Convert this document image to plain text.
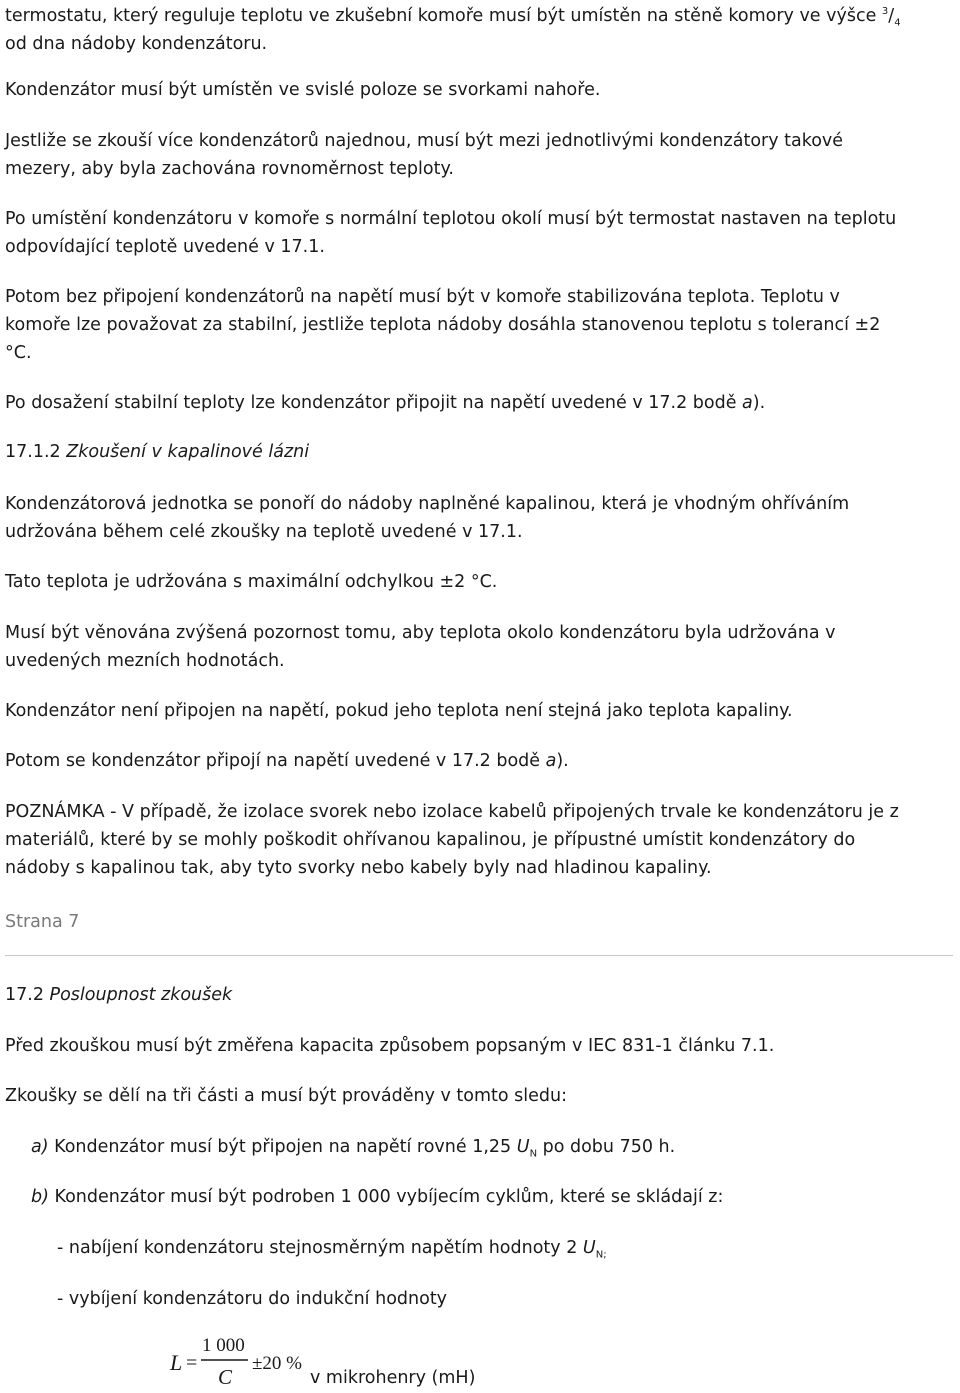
termostatu, který reguluje teplotu ve zkušební komoře musí být umístěn na stěně komory ve výšce $^3/_4$
od dna nádoby kondenzátoru.
Kondenzátor musí být umístěn ve svislé poloze se svorkami nahoře.
Jestliže se zkouší více kondenzátorů najednou, musí být mezi jednotlivými kondenzátory takové
mezery, aby byla zachována rovnoměrnost teploty.
Po umístění kondenzátoru v komoře s normální teplotou okolí musí být termostat nastaven na teplotu
odpovídající teplotě uvedené v 17.1.
Potom bez připojení kondenzátorů na napětí musí být v komoře stabilizována teplota. Teplotu v
komoře lze považovat za stabilní, jestliže teplota nádoby dosáhla stanovenou teplotu s tolerancí ±2
°C.
Po dosažení stabilní teploty lze kondenzátor připojit na napětí uvedené v 17.2 bodě a).
17.1.2 Zkoušení v kapalinové lázni
Kondenzátorová jednotka se ponoří do nádoby naplněné kapalinou, která je vhodným ohříváním
udržována během celé zkoušky na teplotě uvedené v 17.1.
Tato teplota je udržována s maximální odchylkou ±2 °C.
Musí být věnována zvýšená pozornost tomu, aby teplota okolo kondenzátoru byla udržována v
uvedených mezních hodnotách.
Kondenzátor není připojen na napětí, pokud jeho teplota není stejná jako teplota kapaliny.
Potom se kondenzátor připojí na napětí uvedené v 17.2 bodě a).
POZNÁMKA - V případě, že izolace svorek nebo izolace kabelů připojených trvale ke kondenzátoru je z
materiálů, které by se mohly poškodit ohřívanou kapalinou, je přípustné umístit kondenzátory do
nádoby s kapalinou tak, aby tyto svorky nebo kabely byly nad hladinou kapaliny.
Strana 7
17.2 Posloupnost zkoušek
Před zkouškou musí být změřena kapacita způsobem popsaným v IEC 831-1 článku 7.1.
Zkoušky se dělí na tři části a musí být prováděny v tomto sledu:
a) Kondenzátor musí být připojen na napětí rovné 1,25 $U_N$ po dobu 750 h.
b) Kondenzátor musí být podroben 1 000 vybíjecím cyklům, které se skládají z:
- nabíjení kondenzátoru stejnosměrným napětím hodnoty 2 $U_{N;}$
- vybíjení kondenzátoru do indukční hodnoty
L =
1 000
C
±20 %
v mikrohenry (mH)
